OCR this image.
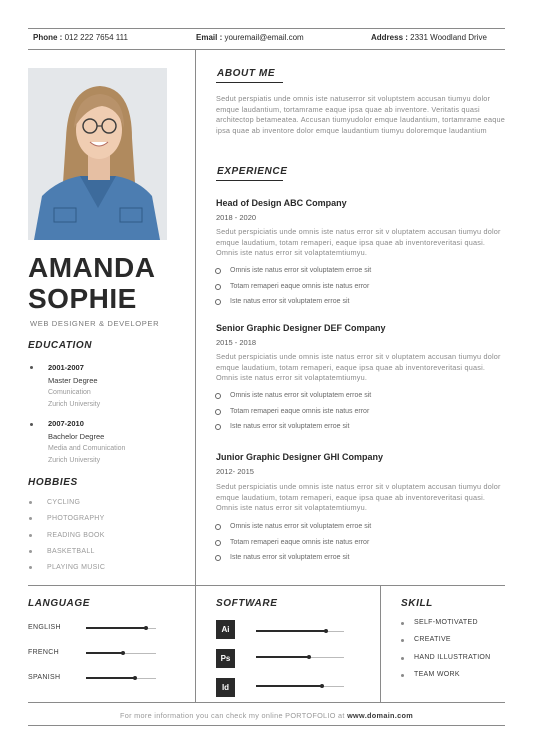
Phone : 012 222 7654 111	Email : youremail@email.com	Address : 2331 Woodland Drive
AMANDA
SOPHIE
WEB DESIGNER & DEVELOPER
EDUCATION
2001-2007
Master Degree
Comunication
Zurich University
2007-2010
Bachelor Degree
Media and Comunication
Zurich University
HOBBIES
CYCLING
PHOTOGRAPHY
READING BOOK
BASKETBALL
PLAYING MUSIC
ABOUT ME
Sedut perspiatis unde omnis iste natuserror sit voluptstem accusan tiumyu dolor emque laudantium, tortamrame eaque ipsa quae ab inventore. Veritatis quasi architectop betameatea. Accusan tiumyudolor emque laudantium, tortamrame eaque ipsa quae ab inventore dolor emque laudantium tiumyu doloremque laudantium
EXPERIENCE
Head of Design ABC Company
2018 - 2020
Sedut perspiciatis unde omnis iste natus error sit v oluptatem accusan tiumyu dolor emque laudatium, totam remaperi, eaque ipsa quae ab inventoreveritasi quasi. Omnis iste natus error sit volaptatemtiumyu.
Omnis iste natus error sit voluptatem erroe sit
Totam remaperi eaque omnis iste natus error
Iste natus error sit voluptatem erroe sit
Senior Graphic Designer DEF Company
2015 - 2018
Sedut perspiciatis unde omnis iste natus error sit v oluptatem accusan tiumyu dolor emque laudatium, totam remaperi, eaque ipsa quae ab inventoreveritasi quasi. Omnis iste natus error sit volaptatemtiumyu.
Omnis iste natus error sit voluptatem erroe sit
Totam remaperi eaque omnis iste natus error
Iste natus error sit voluptatem erroe sit
Junior Graphic Designer GHI Company
2012- 2015
Sedut perspiciatis unde omnis iste natus error sit v oluptatem accusan tiumyu dolor emque laudatium, totam remaperi, eaque ipsa quae ab inventoreveritasi quasi. Omnis iste natus error sit volaptatemtiumyu.
Omnis iste natus error sit voluptatem erroe sit
Totam remaperi eaque omnis iste natus error
Iste natus error sit voluptatem erroe sit
LANGUAGE
ENGLISH
FRENCH
SPANISH
SOFTWARE
Ai
Ps
Id
SKILL
SELF-MOTIVATED
CREATIVE
HAND ILLUSTRATION
TEAM WORK
For more information you can check my online PORTOFOLIO at www.domain.com
